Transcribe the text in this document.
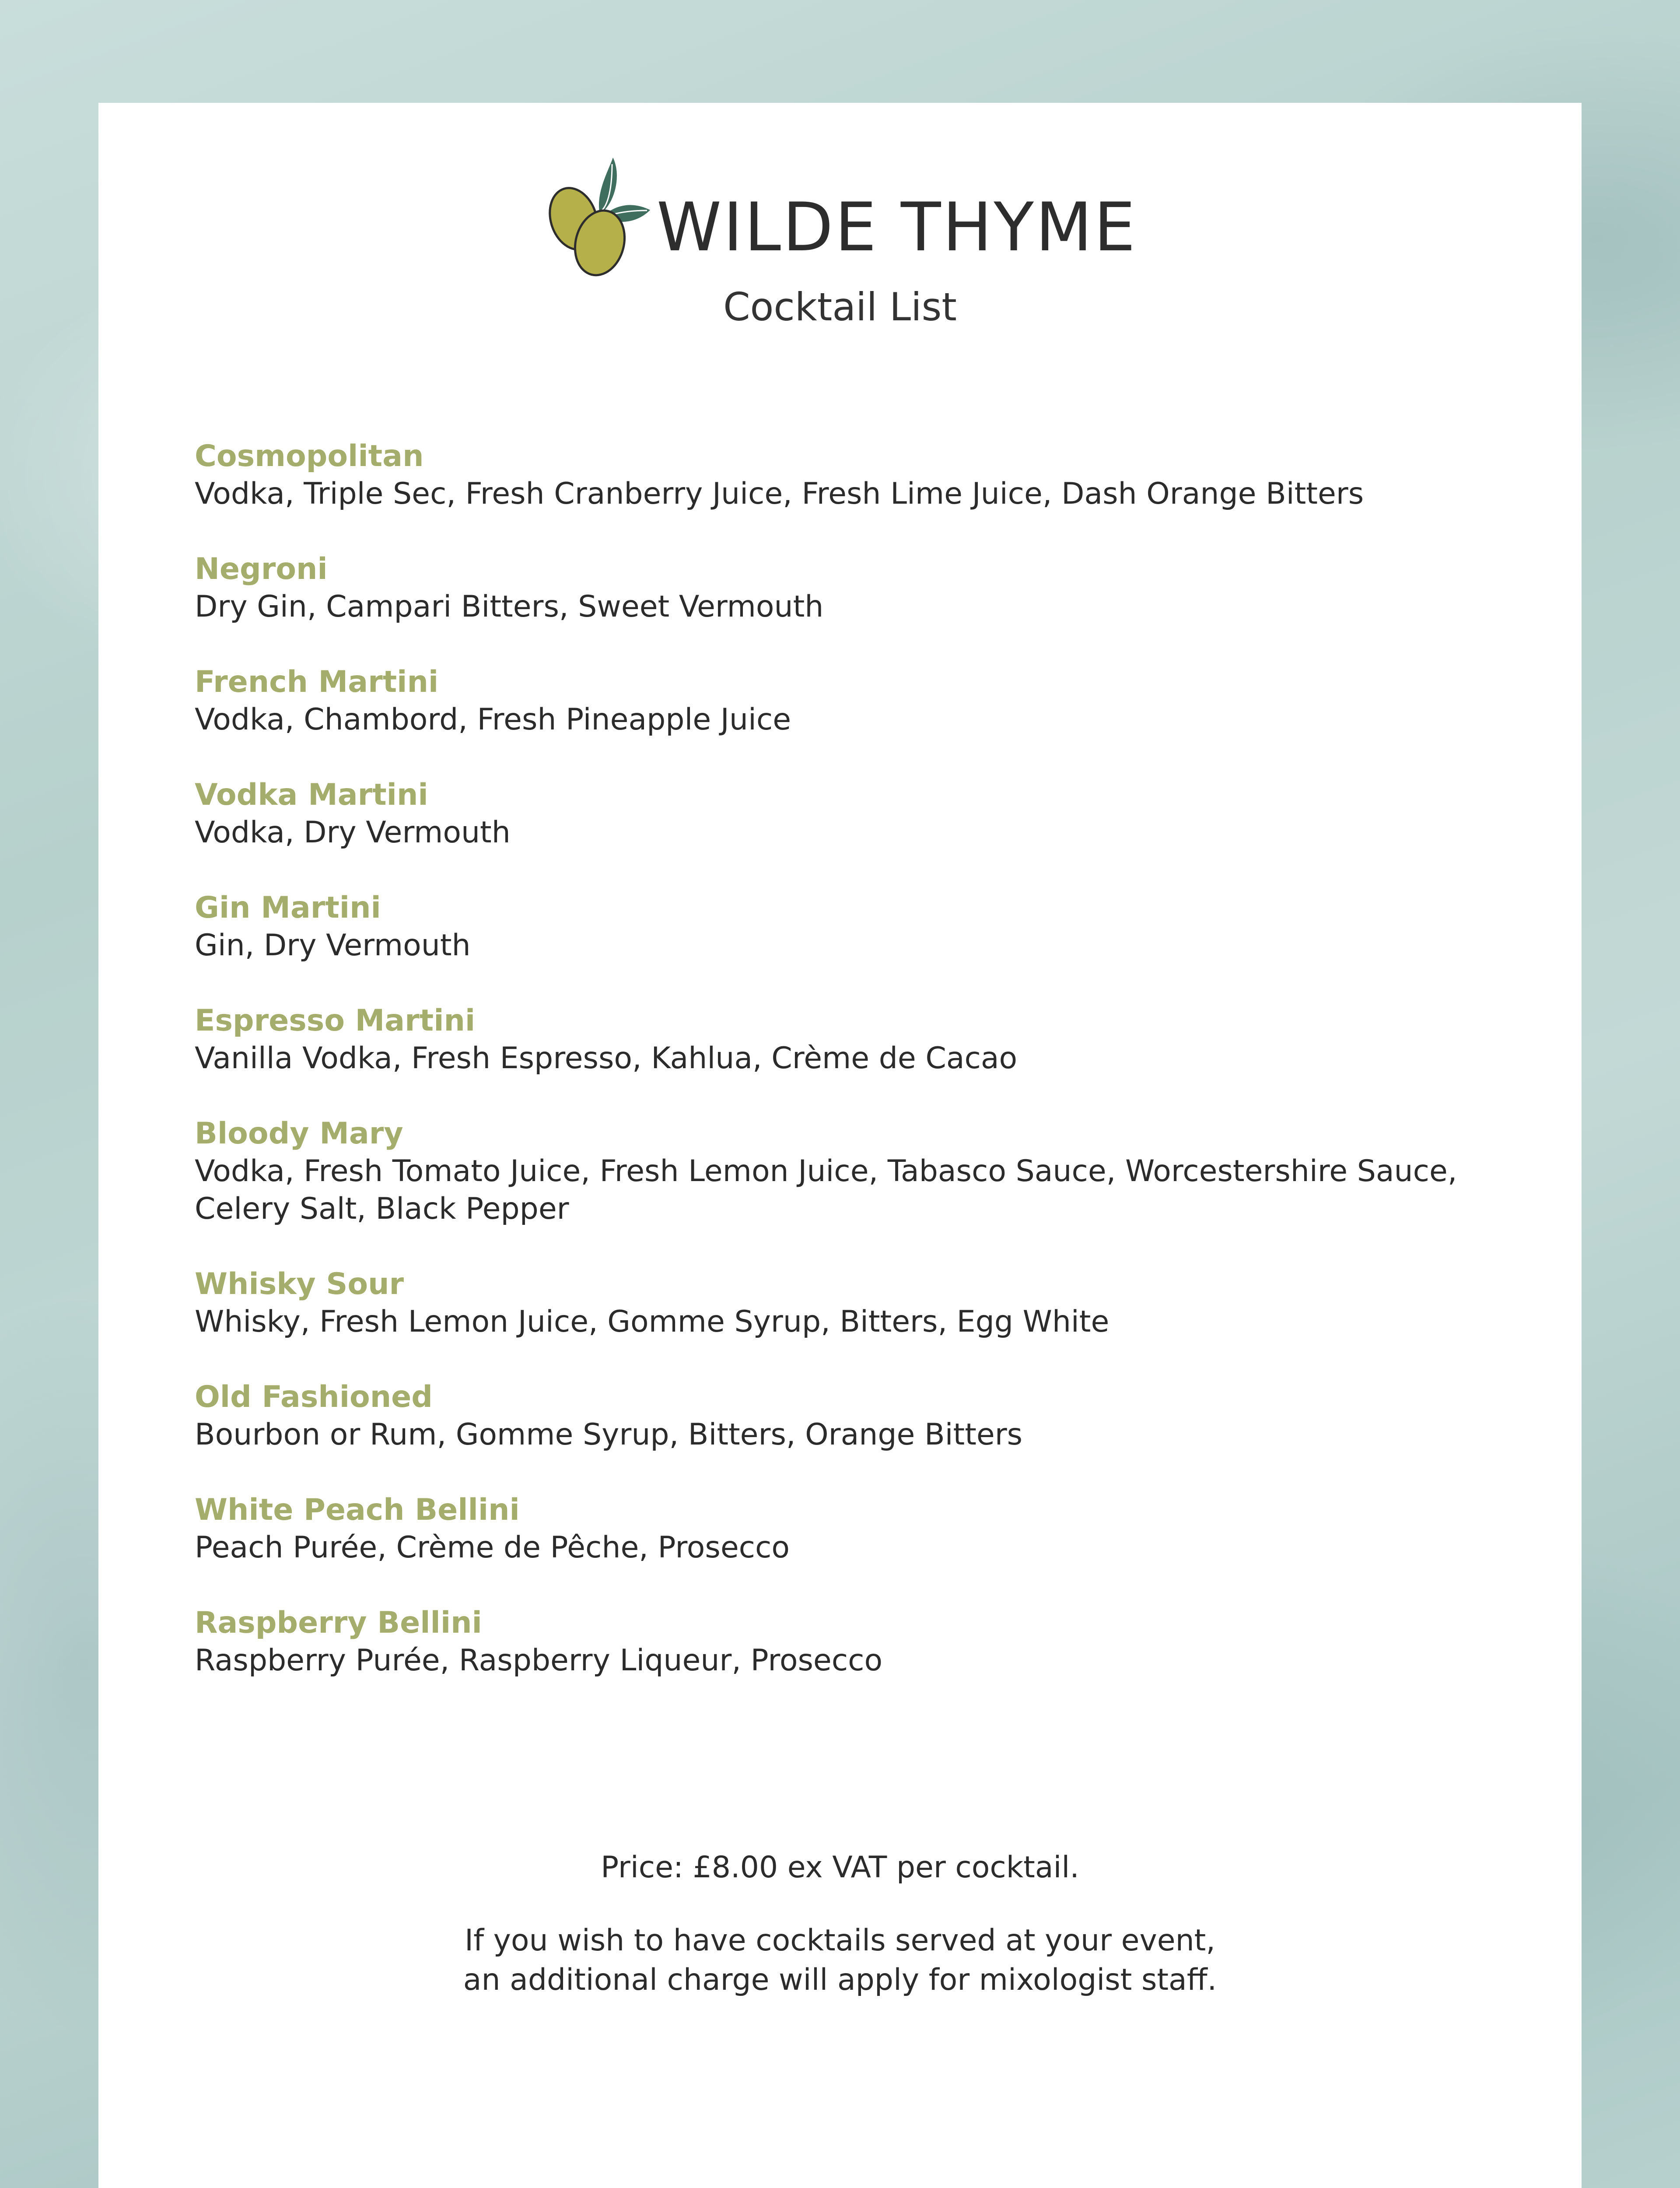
WILDE THYME
Cocktail List
Cosmopolitan
Vodka, Triple Sec, Fresh Cranberry Juice, Fresh Lime Juice, Dash Orange Bitters
Negroni
Dry Gin, Campari Bitters, Sweet Vermouth
French Martini
Vodka, Chambord, Fresh Pineapple Juice
Vodka Martini
Vodka, Dry Vermouth
Gin Martini
Gin, Dry Vermouth
Espresso Martini
Vanilla Vodka, Fresh Espresso, Kahlua, Crème de Cacao
Bloody Mary
Vodka, Fresh Tomato Juice, Fresh Lemon Juice, Tabasco Sauce, Worcestershire Sauce, Celery Salt, Black Pepper
Whisky Sour
Whisky, Fresh Lemon Juice, Gomme Syrup, Bitters, Egg White
Old Fashioned
Bourbon or Rum, Gomme Syrup, Bitters, Orange Bitters
White Peach Bellini
Peach Purée, Crème de Pêche, Prosecco
Raspberry Bellini
Raspberry Purée, Raspberry Liqueur, Prosecco
Price: £8.00 ex VAT per cocktail.
If you wish to have cocktails served at your event,
an additional charge will apply for mixologist staff.
